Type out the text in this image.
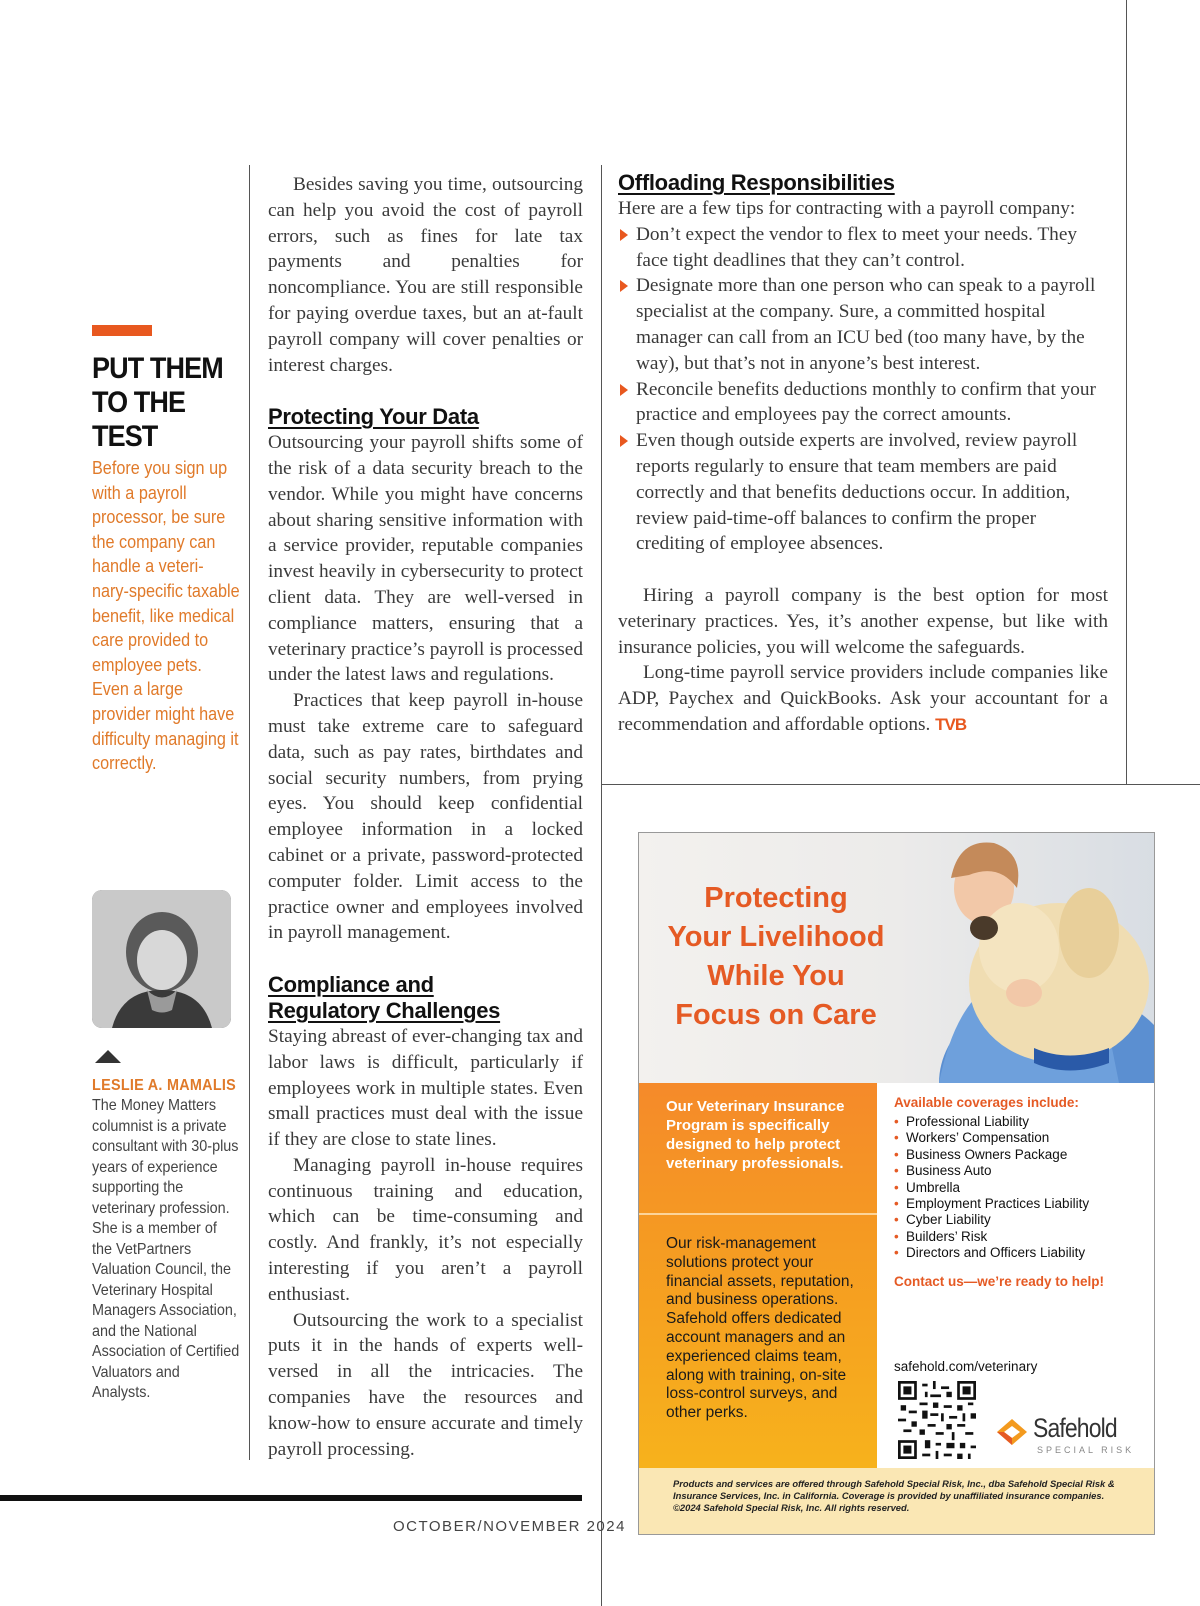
PUT THEM
TO THE
TEST
Before you sign up with a payroll processor, be sure the company can handle a veteri-nary-specific taxable benefit, like medical care provided to employee pets. Even a large provider might have difficulty managing it correctly.
LESLIE A. MAMALIS
The Money Matters columnist is a private consultant with 30-plus years of experience supporting the veterinary profession. She is a member of the VetPartners Valuation Council, the Veterinary Hospital Managers Association, and the National Association of Certified Valuators and Analysts.

Besides saving you time, outsourcing can help you avoid the cost of payroll errors, such as fines for late tax payments and penalties for noncompliance. You are still responsible for paying overdue taxes, but an at-fault payroll company will cover penalties or interest charges.

Protecting Your Data

Outsourcing your payroll shifts some of the risk of a data security breach to the vendor. While you might have concerns about sharing sensitive information with a service provider, reputable companies invest heavily in cybersecurity to protect client data. They are well-versed in compliance matters, ensuring that a veterinary practice’s payroll is processed under the latest laws and regulations.

Practices that keep payroll in-house must take extreme care to safeguard data, such as pay rates, birthdates and social security numbers, from prying eyes. You should keep confidential employee information in a locked cabinet or a private, password-protected computer folder. Limit access to the practice owner and employees involved in payroll management.

Compliance and
Regulatory Challenges

Staying abreast of ever-changing tax and labor laws is difficult, particularly if employees work in multiple states. Even small practices must deal with the issue if they are close to state lines.

Managing payroll in-house requires continuous training and education, which can be time-consuming and costly. And frankly, it’s not especially interesting if you aren’t a payroll enthusiast.

Outsourcing the work to a specialist puts it in the hands of experts well-versed in all the intricacies. The companies have the resources and know-how to ensure accurate and timely payroll processing.

Offloading Responsibilities

Here are a few tips for contracting with a payroll company:

Don’t expect the vendor to flex to meet your needs. They face tight deadlines that they can’t control.
Designate more than one person who can speak to a payroll specialist at the company. Sure, a committed hospital manager can call from an ICU bed (too many have, by the way), but that’s not in anyone’s best interest.
Reconcile benefits deductions monthly to confirm that your practice and employees pay the correct amounts.
Even though outside experts are involved, review payroll reports regularly to ensure that team members are paid correctly and that benefits deductions occur. In addition, review paid-time-off balances to confirm the proper crediting of employee absences.

Hiring a payroll company is the best option for most veterinary practices. Yes, it’s another expense, but like with insurance policies, you will welcome the safeguards.

Long-time payroll service providers include companies like ADP, Paychex and QuickBooks. Ask your accountant for a recommendation and affordable options. TVB

OCTOBER/NOVEMBER 2024
Protecting
Your Livelihood
While You
Focus on Care
Our Veterinary Insurance Program is specifically designed to help protect veterinary professionals.
Our risk-management solutions protect your financial assets, reputation, and business operations. Safehold offers dedicated account managers and an experienced claims team, along with training, on-site loss-control surveys, and other perks.
Available coverages include:
• Professional Liability
• Workers’ Compensation
• Business Owners Package
• Business Auto
• Umbrella
• Employment Practices Liability
• Cyber Liability
• Builders’ Risk
• Directors and Officers Liability
Contact us—we’re ready to help!
safehold.com/veterinary
Safehold
SPECIAL RISK
Products and services are offered through Safehold Special Risk, Inc., dba Safehold Special Risk & Insurance Services, Inc. in California. Coverage is provided by unaffiliated insurance companies. ©2024 Safehold Special Risk, Inc. All rights reserved.
